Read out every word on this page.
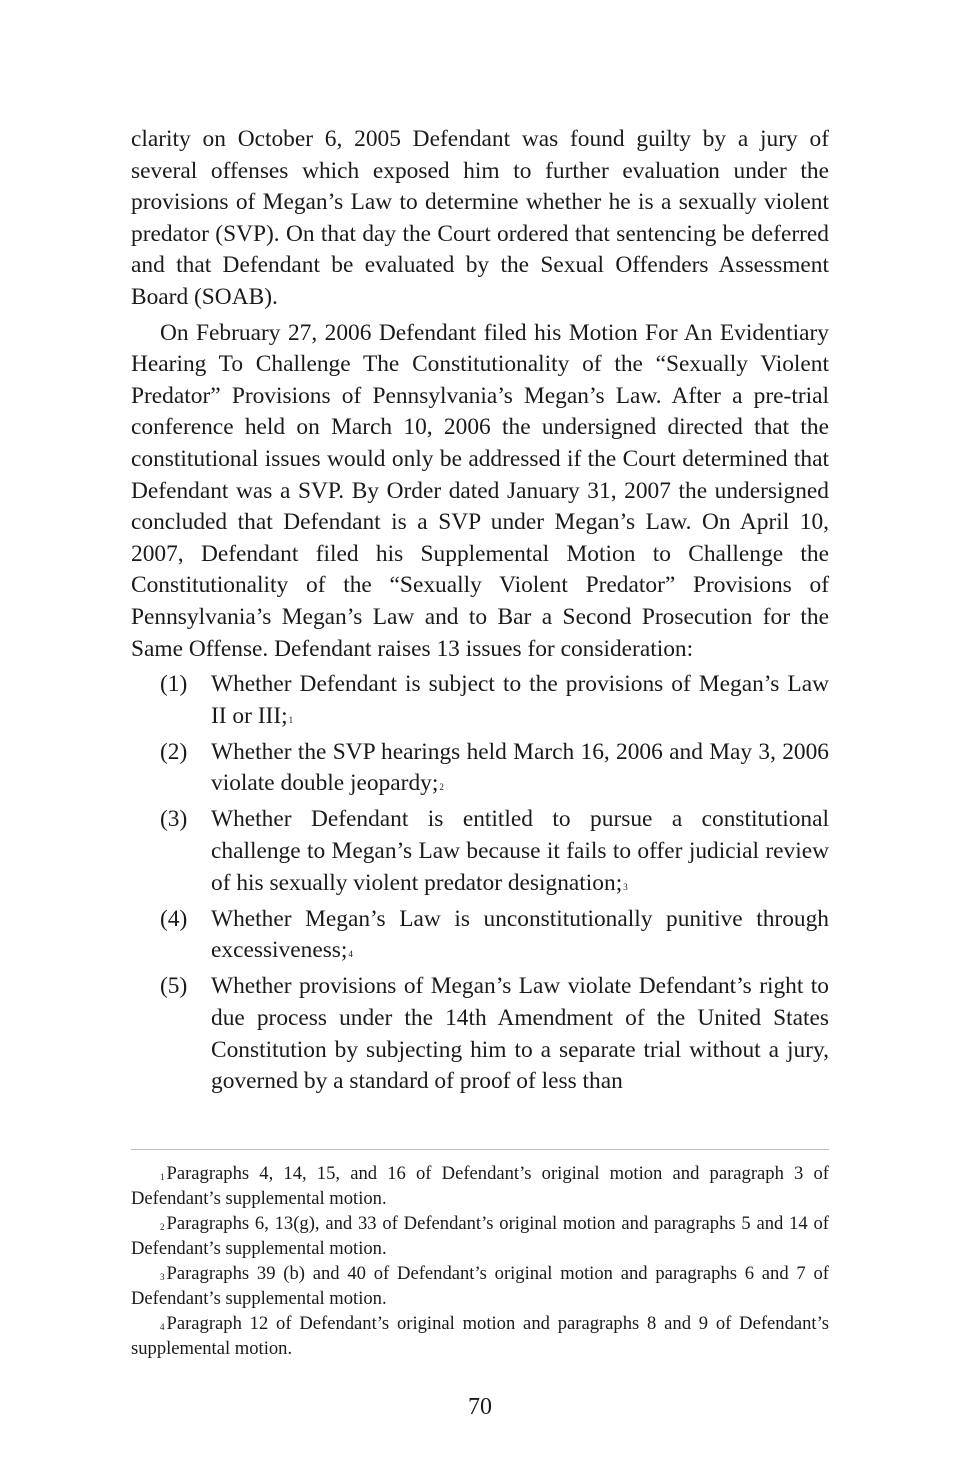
clarity on October 6, 2005 Defendant was found guilty by a jury of several offenses which exposed him to further evaluation under the provisions of Megan’s Law to determine whether he is a sexually violent predator (SVP). On that day the Court ordered that sentencing be deferred and that Defendant be evaluated by the Sexual Offenders Assessment Board (SOAB).

On February 27, 2006 Defendant filed his Motion For An Evidentiary Hearing To Challenge The Constitutionality of the “Sexually Violent Predator” Provisions of Pennsylvania’s Megan’s Law. After a pre-trial conference held on March 10, 2006 the undersigned directed that the constitutional issues would only be addressed if the Court determined that Defendant was a SVP. By Order dated January 31, 2007 the undersigned concluded that Defendant is a SVP under Megan’s Law. On April 10, 2007, Defendant filed his Supplemental Motion to Challenge the Constitutionality of the “Sexually Violent Predator” Provisions of Pennsylvania’s Megan’s Law and to Bar a Second Prosecution for the Same Offense. Defendant raises 13 issues for consideration:

(1)	Whether Defendant is subject to the provisions of Megan’s Law II or III;$^1$
(2)	Whether the SVP hearings held March 16, 2006 and May 3, 2006 violate double jeopardy;$^2$
(3)	Whether Defendant is entitled to pursue a constitutional challenge to Megan’s Law because it fails to offer judicial review of his sexually violent predator designation;$^3$
(4)	Whether Megan’s Law is unconstitutionally punitive through excessiveness;$^4$
(5)	Whether provisions of Megan’s Law violate Defendant’s right to due process under the 14th Amendment of the United States Constitution by subjecting him to a separate trial without a jury, governed by a standard of proof of less than

$^1$ Paragraphs 4, 14, 15, and 16 of Defendant’s original motion and paragraph 3 of Defendant’s supplemental motion.

$^2$ Paragraphs 6, 13(g), and 33 of Defendant’s original motion and paragraphs 5 and 14 of Defendant’s supplemental motion.

$^3$ Paragraphs 39 (b) and 40 of Defendant’s original motion and paragraphs 6 and 7 of Defendant’s supplemental motion.

$^4$ Paragraph 12 of Defendant’s original motion and paragraphs 8 and 9 of Defendant’s supplemental motion.

70
